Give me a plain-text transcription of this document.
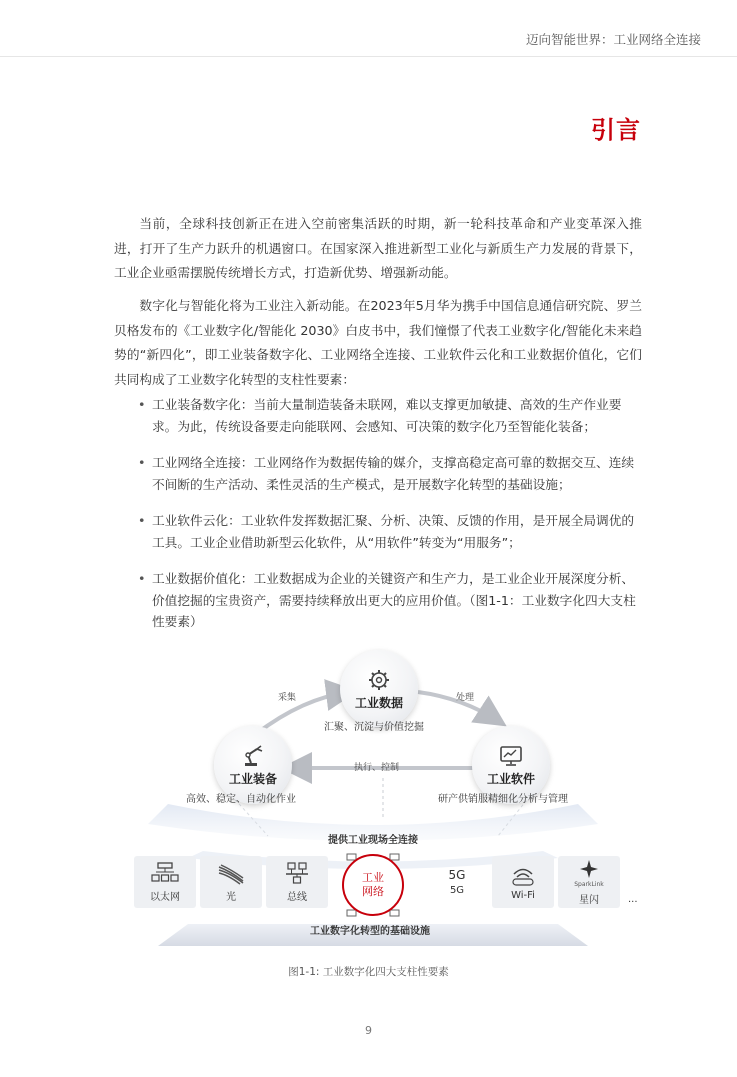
迈向智能世界：工业网络全连接
引言
当前，全球科技创新正在进入空前密集活跃的时期，新一轮科技革命和产业变革深入推进，打开了生产力跃升的机遇窗口。在国家深入推进新型工业化与新质生产力发展的背景下，工业企业亟需摆脱传统增长方式，打造新优势、增强新动能。
数字化与智能化将为工业注入新动能。在2023年5月华为携手中国信息通信研究院、罗兰贝格发布的《工业数字化/智能化 2030》白皮书中，我们憧憬了代表工业数字化/智能化未来趋势的“新四化”，即工业装备数字化、工业网络全连接、工业软件云化和工业数据价值化，它们共同构成了工业数字化转型的支柱性要素：
• 工业装备数字化：当前大量制造装备未联网，难以支撑更加敏捷、高效的生产作业要求。为此，传统设备要走向能联网、会感知、可决策的数字化乃至智能化装备；
• 工业网络全连接：工业网络作为数据传输的媒介，支撑高稳定高可靠的数据交互、连续不间断的生产活动、柔性灵活的生产模式，是开展数字化转型的基础设施；
• 工业软件云化：工业软件发挥数据汇聚、分析、决策、反馈的作用，是开展全局调优的工具。工业企业借助新型云化软件，从“用软件”转变为“用服务”；
• 工业数据价值化：工业数据成为企业的关键资产和生产力，是工业企业开展深度分析、价值挖掘的宝贵资产，需要持续释放出更大的应用价值。（图1-1：工业数字化四大支柱性要素）
工业数据
汇聚、沉淀与价值挖掘
工业装备
高效、稳定、自动化作业
工业软件
研产供销服精细化分析与管理
采集	处理
执行、控制
提供工业现场全连接
以太网	光	总线
工业
网络
5G
5G	Wi-Fi
SparkLink
星闪	...
工业数字化转型的基础设施
图1-1: 工业数字化四大支柱性要素
9
